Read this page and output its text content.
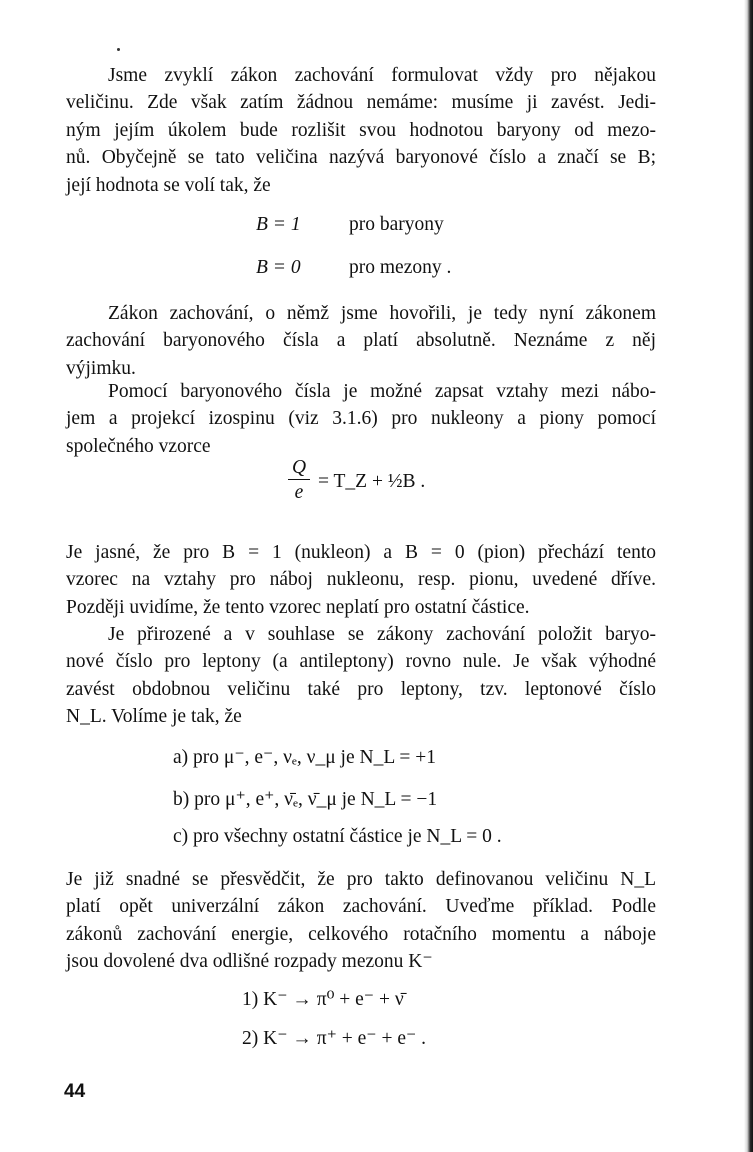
Jsme zvyklí zákon zachování formulovat vždy pro nějakou
veličinu. Zde však zatím žádnou nemáme: musíme ji zavést. Jedi-
ným jejím úkolem bude rozlišit svou hodnotou baryony od mezo-
nů. Obyčejně se tato veličina nazývá baryonové číslo a značí se B;
její hodnota se volí tak, že
B = 1 pro baryony
B = 0 pro mezony .
Zákon zachování, o němž jsme hovořili, je tedy nyní zákonem
zachování baryonového čísla a platí absolutně. Neznáme z něj
výjimku.
Pomocí baryonového čísla je možné zapsat vztahy mezi nábo-
jem a projekcí izospinu (viz 3.1.6) pro nukleony a piony pomocí
společného vzorce
$\frac{Q}{e}$ = T_Z + ½B .
Je jasné, že pro B = 1 (nukleon) a B = 0 (pion) přechází tento
vzorec na vztahy pro náboj nukleonu, resp. pionu, uvedené dříve.
Později uvidíme, že tento vzorec neplatí pro ostatní částice.
Je přirozené a v souhlase se zákony zachování položit baryo-
nové číslo pro leptony (a antileptony) rovno nule. Je však výhodné
zavést obdobnou veličinu také pro leptony, tzv. leptonové číslo
N_L. Volíme je tak, že
a) pro μ⁻, e⁻, νₑ, ν_μ je N_L = +1
b) pro μ⁺, e⁺, ν̄ₑ, ν̄_μ je N_L = −1
c) pro všechny ostatní částice je N_L = 0 .
Je již snadné se přesvědčit, že pro takto definovanou veličinu N_L
platí opět univerzální zákon zachování. Uveďme příklad. Podle
zákonů zachování energie, celkového rotačního momentu a náboje
jsou dovolené dva odlišné rozpady mezonu K⁻
1) K⁻ → π⁰ + e⁻ + ν̄
2) K⁻ → π⁺ + e⁻ + e⁻ .
44
